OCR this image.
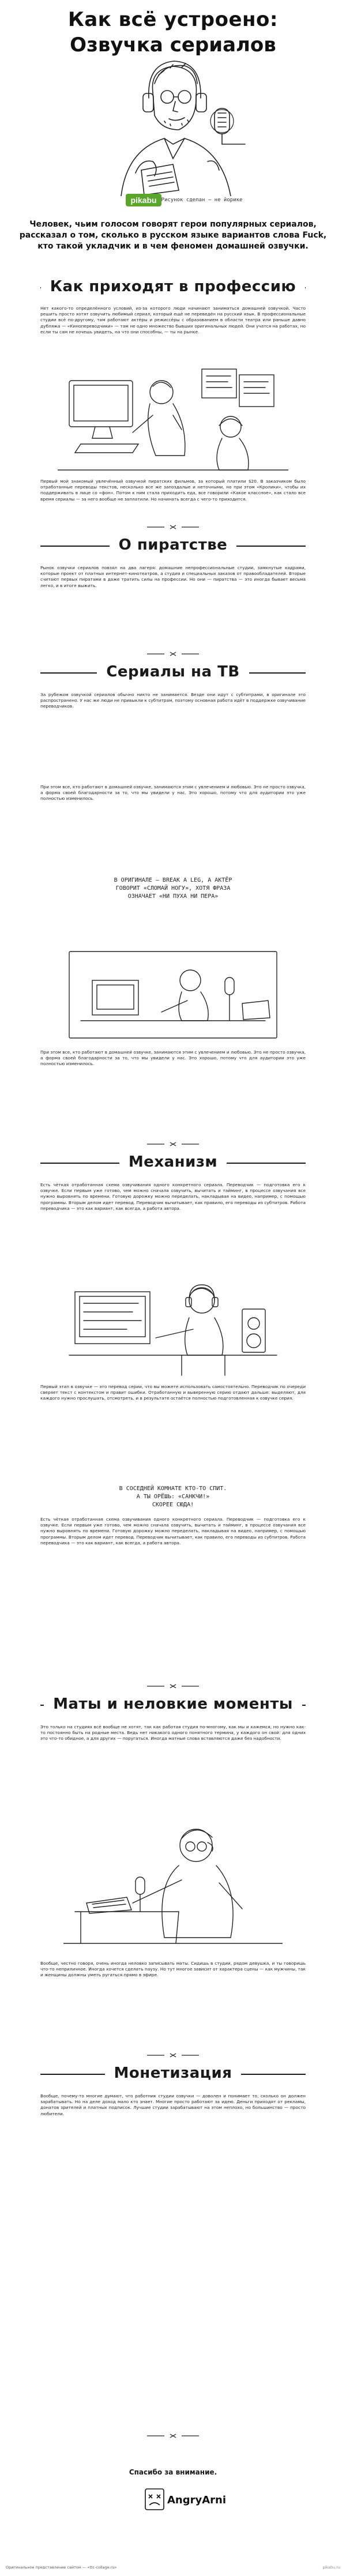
Как всё устроено:
Озвучка сериалов
pikabu Рисунок сделан — не йорике
Человек, чьим голосом говорят герои популярных сериалов, рассказал о том, сколько в русском языке вариантов слова Fuck, кто такой укладчик и в чем феномен домашней озвучки.
Как приходят в профессию
Нет какого-то определённого условий, из-за которого люди начинают заниматься домашней озвучкой. Часто решить просто хотят озвучить любимый сериал, который ещё не переведён на русский язык. В профессиональные студии всё по-другому, там работают актёры и режиссёры с образованием в области театра или раньше давно дубляжа — «Кинопереводчики» — там не одно множество бывших оригинальных людей. Они учатся на работах, но если ты сам не хочешь увидеть, на что они способны, — ты на рынке.
Первый мой знакомый увлечённый озвучкой пиратских фильмов, за который платили $20. В заказчиком было отработанные переводы текстов, несколько все же запоздалые и неточными, но при этом «Кролики», чтобы их поддерживать в лице со «фон». Потом к ним стала приходить еда, все говорили «Какое классное», как стало все время сериалы — за него вообще не заплатили. Но начинать всегда с чего-то приходится.
О пиратстве
Рынок озвучки сериалов повзял на два лагеря: домашние непрофессиональные студии, замкнутые кадрами, которые проект от платных интернет-кинотеатров, а студия и специальных заказов от правообладателей. Вторые считают первых пиратами в даже тратить силы на профессии. Но они — пиратства — это иногда бывает весьма легко, и в итоге выжить.
Сериалы на ТВ
За рубежом озвучкой сериалов обычно никто не занимается. Везде они идут с субтитрами, в оригинале это распространено. У нас же люди не привыкли к субтитрам, поэтому основная работа идёт в поддержке озвучивание переводчиков.
При этом все, кто работают в домашней озвучке, занимаются этим с увлечением и любовью. Это не просто озвучка, а форма своей благодарности за то, что мы увидели у нас. Это хорошо, потому что для аудитории это уже полностью изменилось.
В ОРИГИНАЛЕ — BREAK A LEG, А АКТЁР
ГОВОРИТ «СЛОМАЙ НОГУ», ХОТЯ ФРАЗА
ОЗНАЧАЕТ «НИ ПУХА НИ ПЕРА»
При этом все, кто работают в домашней озвучке, занимаются этим с увлечением и любовью. Это не просто озвучка, а форма своей благодарности за то, что мы увидели у нас. Это хорошо, потому что для аудитории это уже полностью изменилось.
Механизм
Есть чёткая отработанная схема озвучивания одного конкретного сериала. Переводчик — подготовка его к озвучке. Если первым уже готово, чем можно сначала озвучить, вычитать и тайминг, в процессе озвучания все нужно выровнять по времени. Готовую дорожку можно переделать, накладывая на видео, например, с помощью программы. Вторым делом идет перевод. Переводчик вычитывает, как правило, его переводы из субтитров. Работа переводчика — это как вариант, как всегда, а работа автора.
Первый этап в озвучке — это перевод серии, что вы можете использовать самостоятельно. Переводчик по очереди сверяет текст с контекстом и правит ошибки. Отработанную и выверенную серию отдают дальше: выделяют, для каждого нужно прослушать, отсмотреть, и в результате остаётся полностью подготовленная к озвучке серия.
В СОСЕДНЕЙ КОМНАТЕ КТО-ТО СПИТ.
А ТЫ ОРЁШЬ: «САНКЧИ!»
СКОРЕЕ СЮДА!
Есть чёткая отработанная схема озвучивания одного конкретного сериала. Переводчик — подготовка его к озвучке. Если первым уже готово, чем можно сначала озвучить, вычитать и тайминг, в процессе озвучания все нужно выровнять по времени. Готовую дорожку можно переделать, накладывая на видео, например, с помощью программы. Вторым делом идет перевод. Переводчик вычитывает, как правило, его переводы из субтитров. Работа переводчика — это как вариант, как всегда, а работа автора.
Маты и неловкие моменты
Это только на студиях всё вообще не хотят, так как работая студия по-многому, как мы и кажемся, но нужно как-то постоянно быть на родные места. Ведь нет никакого одного понятного термина, у каждого он свой: для одних это что-то обидное, а для других — поругаться. Иногда матные слова вставляются даже без надобности.
Вообще, честно говоря, очень иногда неловко записывать маты. Сидишь в студии, рядом девушка, и ты говоришь что-то неприличное. Иногда хочется сделать паузу. Но тут многое зависит от характера сцены — как мужчины, так и женщины должны уметь ругаться прямо в эфире.
Монетизация
Вообще, почему-то многие думают, что работник студии озвучки — доволен и понимает то, сколько он должен зарабатывать. Но на деле доход мало кто знает. Многие просто работают за идею. Деньги приходят от рекламы, донатов зрителей и платных подписок. Лучшие студии зарабатывают на этом неплохо, но большинство — просто любители.
Спасибо за внимание.
AngryArni
Оригинальное представление сайтом — «ttc-collage.ru»	pikabu.ru
